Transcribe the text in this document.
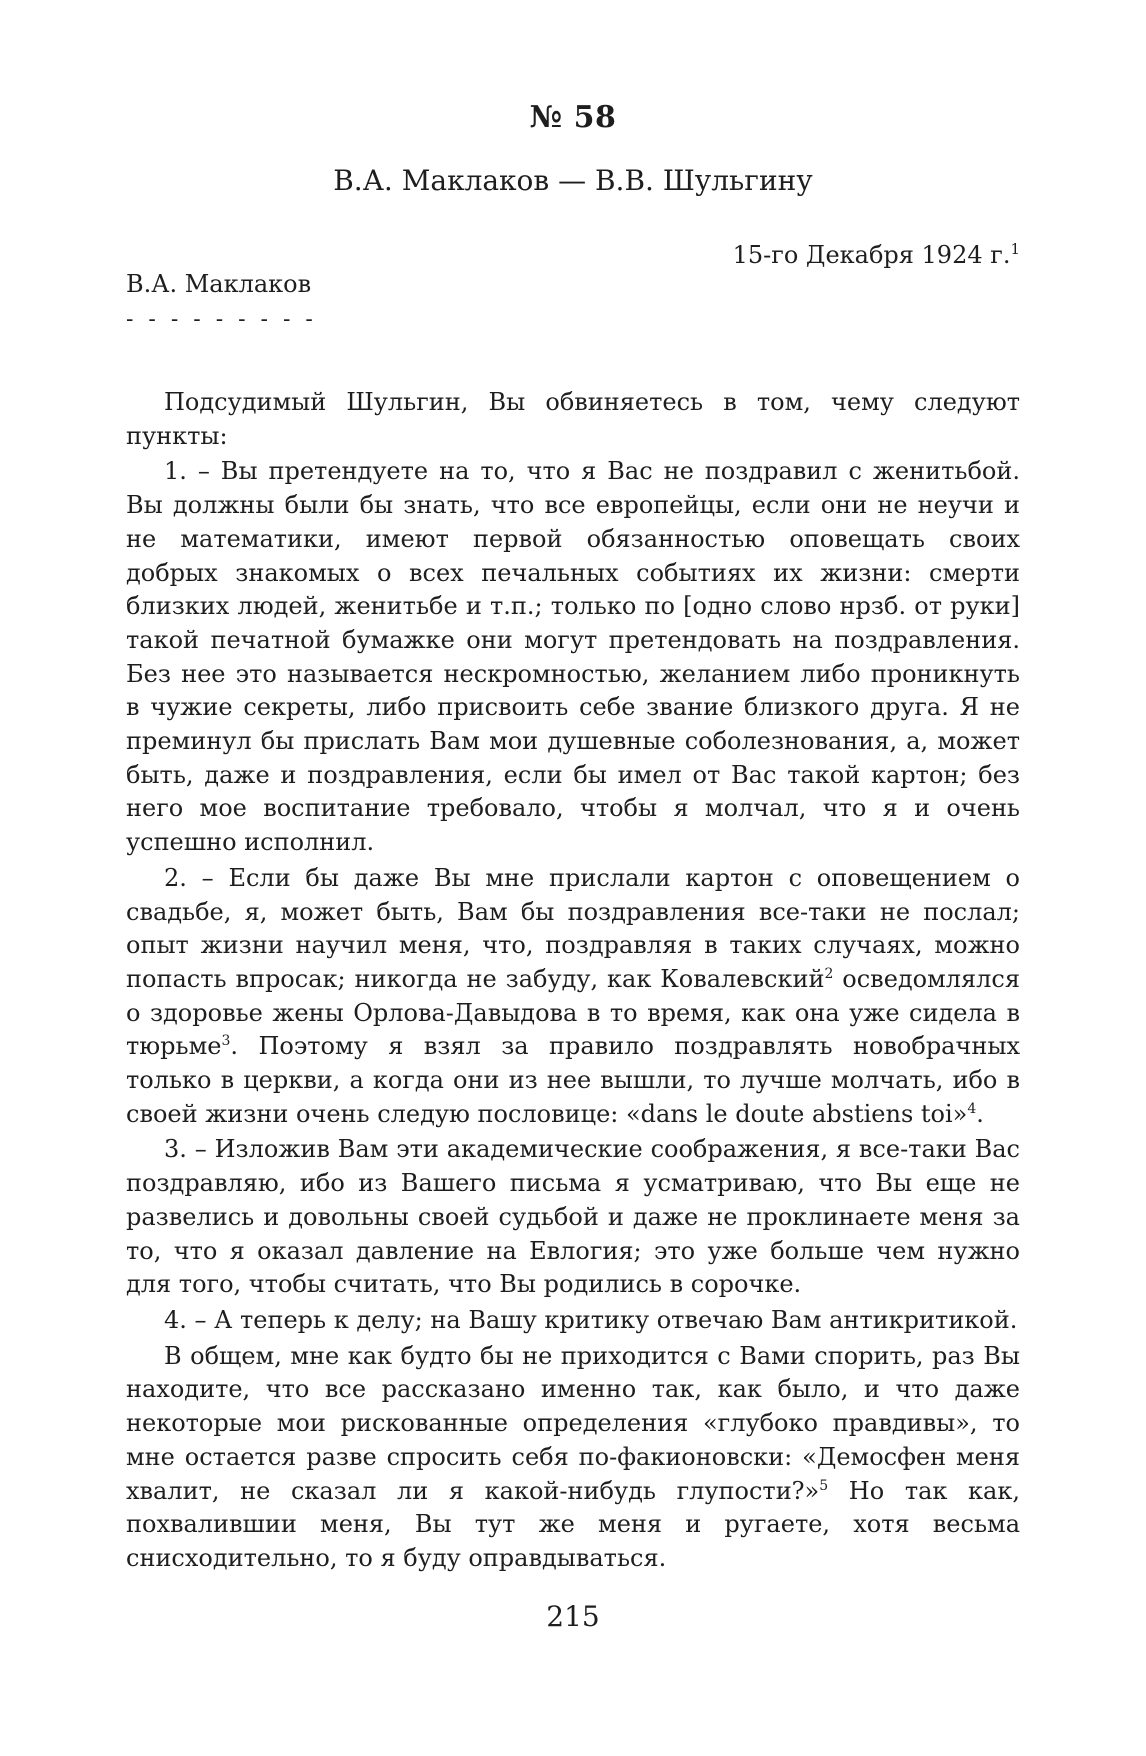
№ 58
В.А. Маклаков — В.В. Шульгину
15-го Декабря 1924 г.$^1$
В.А. Маклаков
- - - - - - - - -

Подсудимый Шульгин, Вы обвиняетесь в том, чему следуют пункты:

1. – Вы претендуете на то, что я Вас не поздравил с женитьбой. Вы должны были бы знать, что все европейцы, если они не неучи и не математики, имеют первой обязанностью оповещать своих добрых знакомых о всех печальных событиях их жизни: смерти близких людей, женитьбе и т.п.; только по [одно слово нрзб. от руки] такой печатной бумажке они могут претендовать на поздравления. Без нее это называется нескромностью, желанием либо проникнуть в чужие секреты, либо присвоить себе звание близкого друга. Я не преминул бы прислать Вам мои душевные соболезнования, а, может быть, даже и поздравления, если бы имел от Вас такой картон; без него мое воспитание требовало, чтобы я молчал, что я и очень успешно исполнил.

2. – Если бы даже Вы мне прислали картон с оповещением о свадьбе, я, может быть, Вам бы поздравления все-таки не послал; опыт жизни научил меня, что, поздравляя в таких случаях, можно попасть впросак; никогда не забуду, как Ковалевский$^2$ осведомлялся о здоровье жены Орлова-Давыдова в то время, как она уже сидела в тюрьме$^3$. Поэтому я взял за правило поздравлять новобрачных только в церкви, а когда они из нее вышли, то лучше молчать, ибо в своей жизни очень следую пословице: «dans le doute abstiens toi»$^4$.

3. – Изложив Вам эти академические соображения, я все-таки Вас поздравляю, ибо из Вашего письма я усматриваю, что Вы еще не развелись и довольны своей судьбой и даже не проклинаете меня за то, что я оказал давление на Евлогия; это уже больше чем нужно для того, чтобы считать, что Вы родились в сорочке.

4. – А теперь к делу; на Вашу критику отвечаю Вам антикритикой.

В общем, мне как будто бы не приходится с Вами спорить, раз Вы находите, что все рассказано именно так, как было, и что даже некоторые мои рискованные определения «глубоко правдивы», то мне остается разве спросить себя по-факионовски: «Демосфен меня хвалит, не сказал ли я какой-нибудь глупости?»$^5$ Но так как, похвалившии меня, Вы тут же меня и ругаете, хотя весьма снисходительно, то я буду оправдываться.

215
